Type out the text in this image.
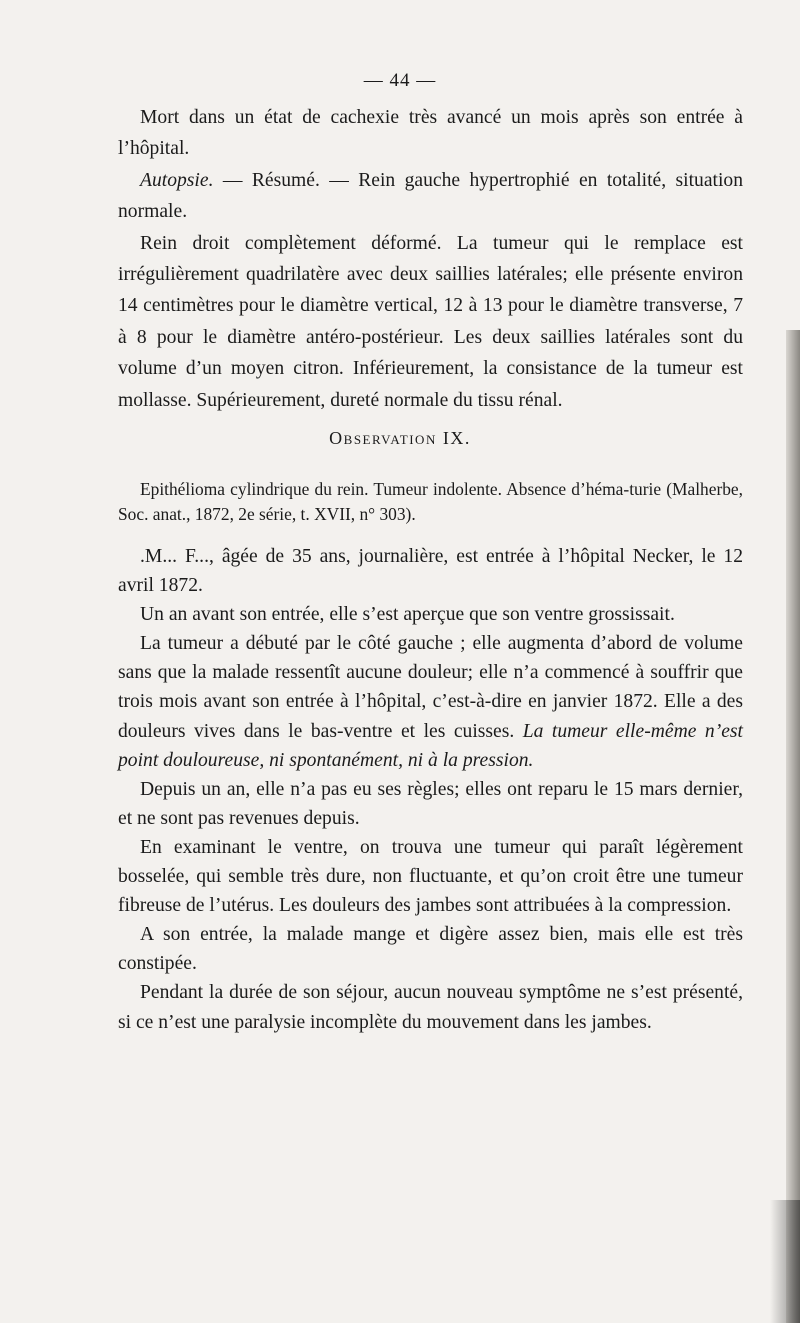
— 44 —

Mort dans un état de cachexie très avancé un mois après son entrée à l’hôpital.

Autopsie. — Résumé. — Rein gauche hypertrophié en totalité, situation normale.

Rein droit complètement déformé. La tumeur qui le remplace est irrégulièrement quadrilatère avec deux saillies latérales; elle présente environ 14 centimètres pour le diamètre vertical, 12 à 13 pour le diamètre transverse, 7 à 8 pour le diamètre antéro-postérieur. Les deux saillies latérales sont du volume d’un moyen citron. Inférieurement, la consistance de la tumeur est mollasse. Supérieurement, dureté normale du tissu rénal.

Observation IX.

Epithélioma cylindrique du rein. Tumeur indolente. Absence d’héma-turie (Malherbe, Soc. anat., 1872, 2e série, t. XVII, n° 303).

.M... F..., âgée de 35 ans, journalière, est entrée à l’hôpital Necker, le 12 avril 1872.

Un an avant son entrée, elle s’est aperçue que son ventre grossissait.

La tumeur a débuté par le côté gauche ; elle augmenta d’abord de volume sans que la malade ressentît aucune douleur; elle n’a commencé à souffrir que trois mois avant son entrée à l’hôpital, c’est-à-dire en janvier 1872. Elle a des douleurs vives dans le bas-ventre et les cuisses. La tumeur elle-même n’est point douloureuse, ni spontanément, ni à la pression.

Depuis un an, elle n’a pas eu ses règles; elles ont reparu le 15 mars dernier, et ne sont pas revenues depuis.

En examinant le ventre, on trouva une tumeur qui paraît légèrement bosselée, qui semble très dure, non fluctuante, et qu’on croit être une tumeur fibreuse de l’utérus. Les douleurs des jambes sont attribuées à la compression.

A son entrée, la malade mange et digère assez bien, mais elle est très constipée.

Pendant la durée de son séjour, aucun nouveau symptôme ne s’est présenté, si ce n’est une paralysie incomplète du mouvement dans les jambes.
